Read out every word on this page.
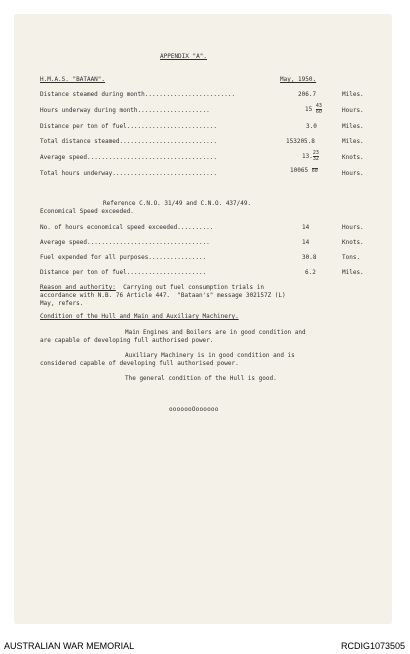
APPENDIX "A".
H.M.A.S. "BATAAN".	May, 1950.
Distance steamed during month.........................	206.7	Miles.
Hours underway during month....................	$15 \frac{43}{60}$	Hours.
Distance per ton of fuel.........................	3.0	Miles.
Total distance steamed...........................	153205.8	Miles.
Average speed....................................	13. $\frac{23}{32}$	Knots.
Total hours underway.............................	10065 60	Hours.
Reference C.N.O. 31/49 and C.N.O. 437/49.
Economical Speed exceeded.
No. of hours economical speed exceeded..........	14	Hours.
Average speed..................................	14	Knots.
Fuel expended for all purposes................	30.8	Tons.
Distance per ton of fuel......................	6.2	Miles.
Reason and authority: Carrying out fuel consumption trials in
accordance with N.B. 76 Article 447.  "Bataan's" message 302157Z (L)
May, refers.
Condition of the Hull and Main and Auxiliary Machinery.
Main Engines and Boilers are in good condition and
are capable of developing full authorised power.
Auxiliary Machinery is in good condition and is
considered capable of developing full authorised power.
The general condition of the Hull is good.
ooooooOoooooo
AUSTRALIAN WAR MEMORIAL	RCDIG1073505
